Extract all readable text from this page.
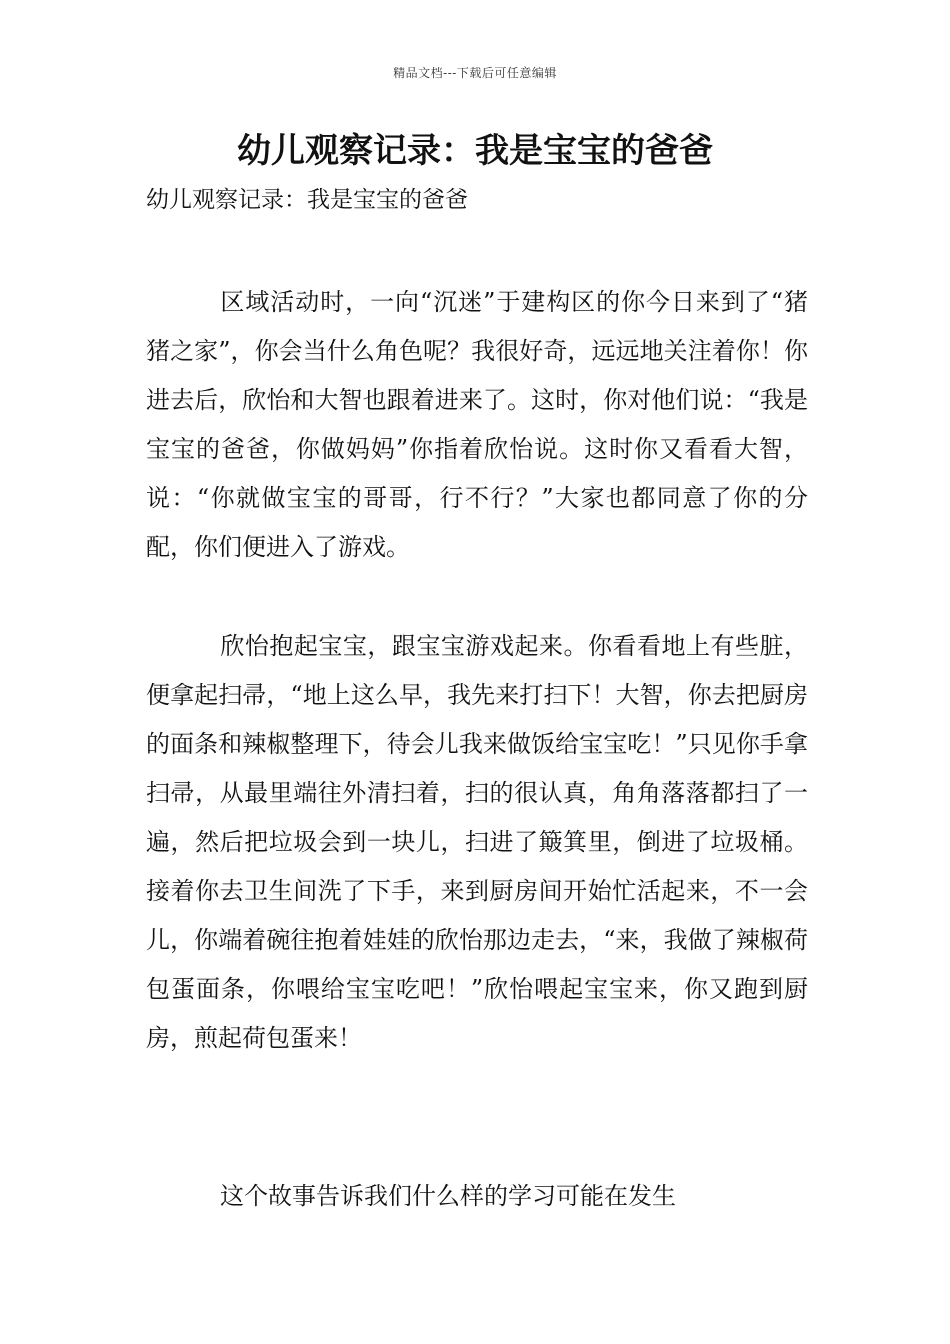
精品文档---下载后可任意编辑
幼儿观察记录：我是宝宝的爸爸

幼儿观察记录：我是宝宝的爸爸

区域活动时，一向“沉迷”于建构区的你今日来到了“猪猪之家”，你会当什么角色呢？我很好奇，远远地关注着你！你进去后，欣怡和大智也跟着进来了。这时，你对他们说：“我是宝宝的爸爸，你做妈妈”你指着欣怡说。这时你又看看大智，说：“你就做宝宝的哥哥，行不行？”大家也都同意了你的分配，你们便进入了游戏。

欣怡抱起宝宝，跟宝宝游戏起来。你看看地上有些脏，便拿起扫帚，“地上这么早，我先来打扫下！大智，你去把厨房的面条和辣椒整理下，待会儿我来做饭给宝宝吃！”只见你手拿扫帚，从最里端往外清扫着，扫的很认真，角角落落都扫了一遍，然后把垃圾会到一块儿，扫进了簸箕里，倒进了垃圾桶。接着你去卫生间洗了下手，来到厨房间开始忙活起来，不一会儿，你端着碗往抱着娃娃的欣怡那边走去，“来，我做了辣椒荷包蛋面条，你喂给宝宝吃吧！”欣怡喂起宝宝来，你又跑到厨房，煎起荷包蛋来！

这个故事告诉我们什么样的学习可能在发生
